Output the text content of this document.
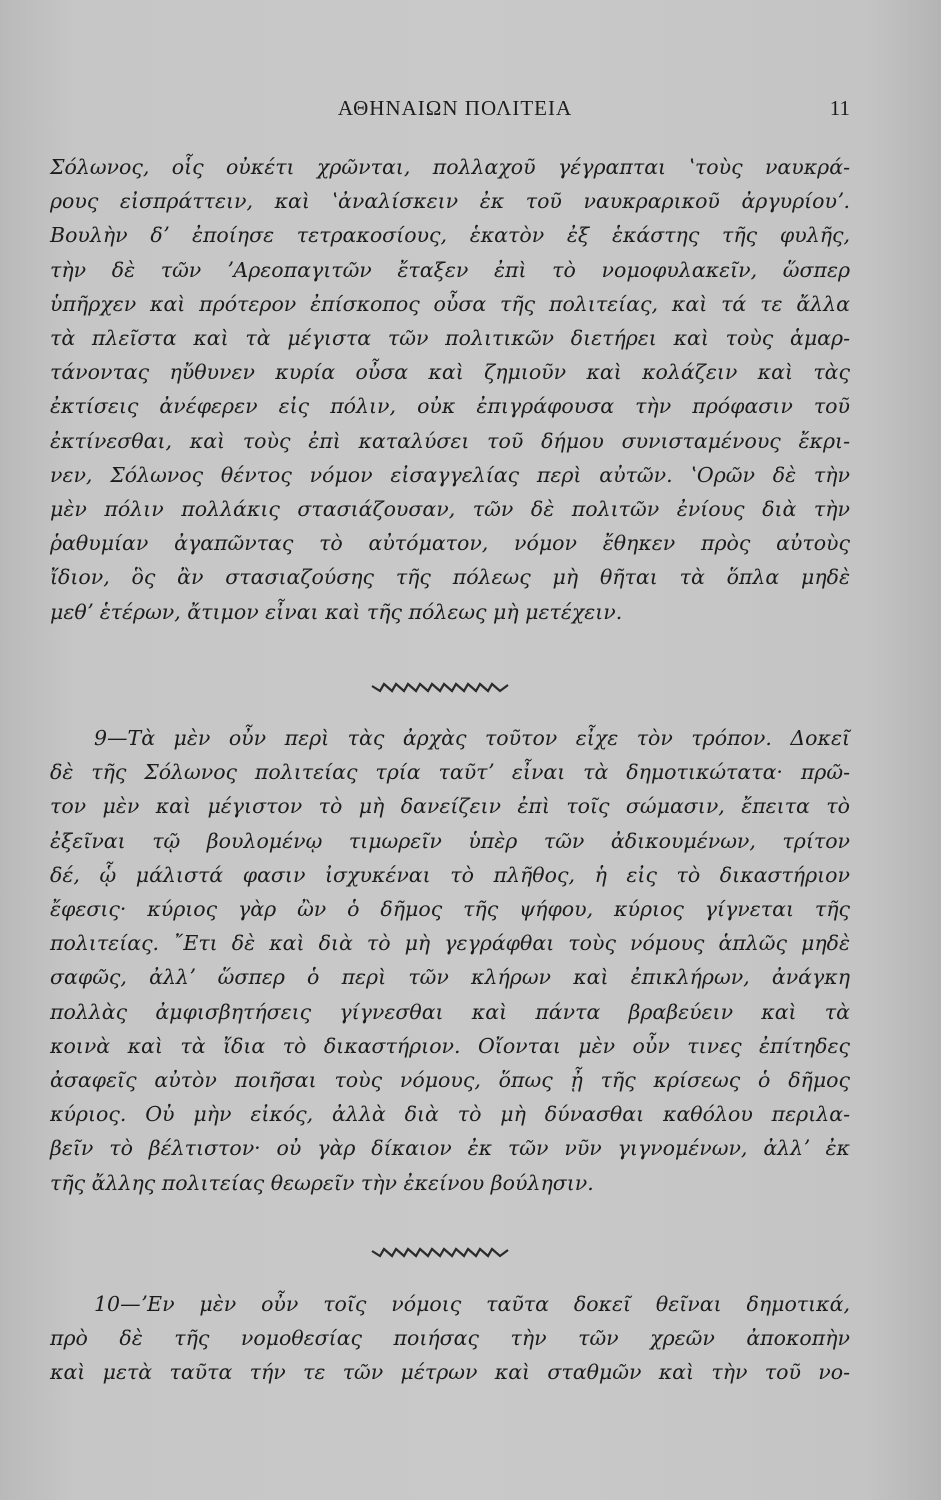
ΑΘΗΝΑΙΩΝ ΠΟΛΙΤΕΙΑ	11
Σόλωνος, οἷς οὐκέτι χρῶνται, πολλαχοῦ γέγραπται ʽτοὺς ναυκρά-
ρους εἰσπράττειν, καὶ ʽἀναλίσκειν ἐκ τοῦ ναυκραρικοῦ ἀργυρίουʼ.
Βουλὴν δʼ ἐποίησε τετρακοσίους, ἑκατὸν ἐξ ἑκάστης τῆς φυλῆς,
τὴν δὲ τῶν ʼΑρεοπαγιτῶν ἔταξεν ἐπὶ τὸ νομοφυλακεῖν, ὥσπερ
ὑπῆρχεν καὶ πρότερον ἐπίσκοπος οὖσα τῆς πολιτείας, καὶ τά τε ἄλλα
τὰ πλεῖστα καὶ τὰ μέγιστα τῶν πολιτικῶν διετήρει καὶ τοὺς ἁμαρ-
τάνοντας ηὔθυνεν κυρία οὖσα καὶ ζημιοῦν καὶ κολάζειν καὶ τὰς
ἐκτίσεις ἀνέφερεν εἰς πόλιν, οὐκ ἐπιγράφουσα τὴν πρόφασιν τοῦ
ἐκτίνεσθαι, καὶ τοὺς ἐπὶ καταλύσει τοῦ δήμου συνισταμένους ἔκρι-
νεν, Σόλωνος θέντος νόμον εἰσαγγελίας περὶ αὐτῶν. ʽΟρῶν δὲ τὴν
μὲν πόλιν πολλάκις στασιάζουσαν, τῶν δὲ πολιτῶν ἐνίους διὰ τὴν
ῥαθυμίαν ἀγαπῶντας τὸ αὐτόματον, νόμον ἔθηκεν πρὸς αὐτοὺς
ἴδιον, ὃς ἂν στασιαζούσης τῆς πόλεως μὴ θῆται τὰ ὅπλα μηδὲ
μεθʼ ἑτέρων, ἄτιμον εἶναι καὶ τῆς πόλεως μὴ μετέχειν.
9—Τὰ μὲν οὖν περὶ τὰς ἀρχὰς τοῦτον εἶχε τὸν τρόπον. Δοκεῖ
δὲ τῆς Σόλωνος πολιτείας τρία ταῦτʼ εἶναι τὰ δημοτικώτατα· πρῶ-
τον μὲν καὶ μέγιστον τὸ μὴ δανείζειν ἐπὶ τοῖς σώμασιν, ἔπειτα τὸ
ἐξεῖναι τῷ βουλομένῳ τιμωρεῖν ὑπὲρ τῶν ἀδικουμένων, τρίτον
δέ, ᾧ μάλιστά φασιν ἰσχυκέναι τὸ πλῆθος, ἡ εἰς τὸ δικαστήριον
ἔφεσις· κύριος γὰρ ὢν ὁ δῆμος τῆς ψήφου, κύριος γίγνεται τῆς
πολιτείας. ῎Ετι δὲ καὶ διὰ τὸ μὴ γεγράφθαι τοὺς νόμους ἁπλῶς μηδὲ
σαφῶς, ἀλλʼ ὥσπερ ὁ περὶ τῶν κλήρων καὶ ἐπικλήρων, ἀνάγκη
πολλὰς ἀμφισβητήσεις γίγνεσθαι καὶ πάντα βραβεύειν καὶ τὰ
κοινὰ καὶ τὰ ἴδια τὸ δικαστήριον. Οἴονται μὲν οὖν τινες ἐπίτηδες
ἀσαφεῖς αὐτὸν ποιῆσαι τοὺς νόμους, ὅπως ᾖ τῆς κρίσεως ὁ δῆμος
κύριος. Οὐ μὴν εἰκός, ἀλλὰ διὰ τὸ μὴ δύνασθαι καθόλου περιλα-
βεῖν τὸ βέλτιστον· οὐ γὰρ δίκαιον ἐκ τῶν νῦν γιγνομένων, ἀλλʼ ἐκ
τῆς ἄλλης πολιτείας θεωρεῖν τὴν ἐκείνου βούλησιν.
10—ʼΕν μὲν οὖν τοῖς νόμοις ταῦτα δοκεῖ θεῖναι δημοτικά,
πρὸ δὲ τῆς νομοθεσίας ποιήσας τὴν τῶν χρεῶν ἀποκοπὴν
καὶ μετὰ ταῦτα τήν τε τῶν μέτρων καὶ σταθμῶν καὶ τὴν τοῦ νο-
